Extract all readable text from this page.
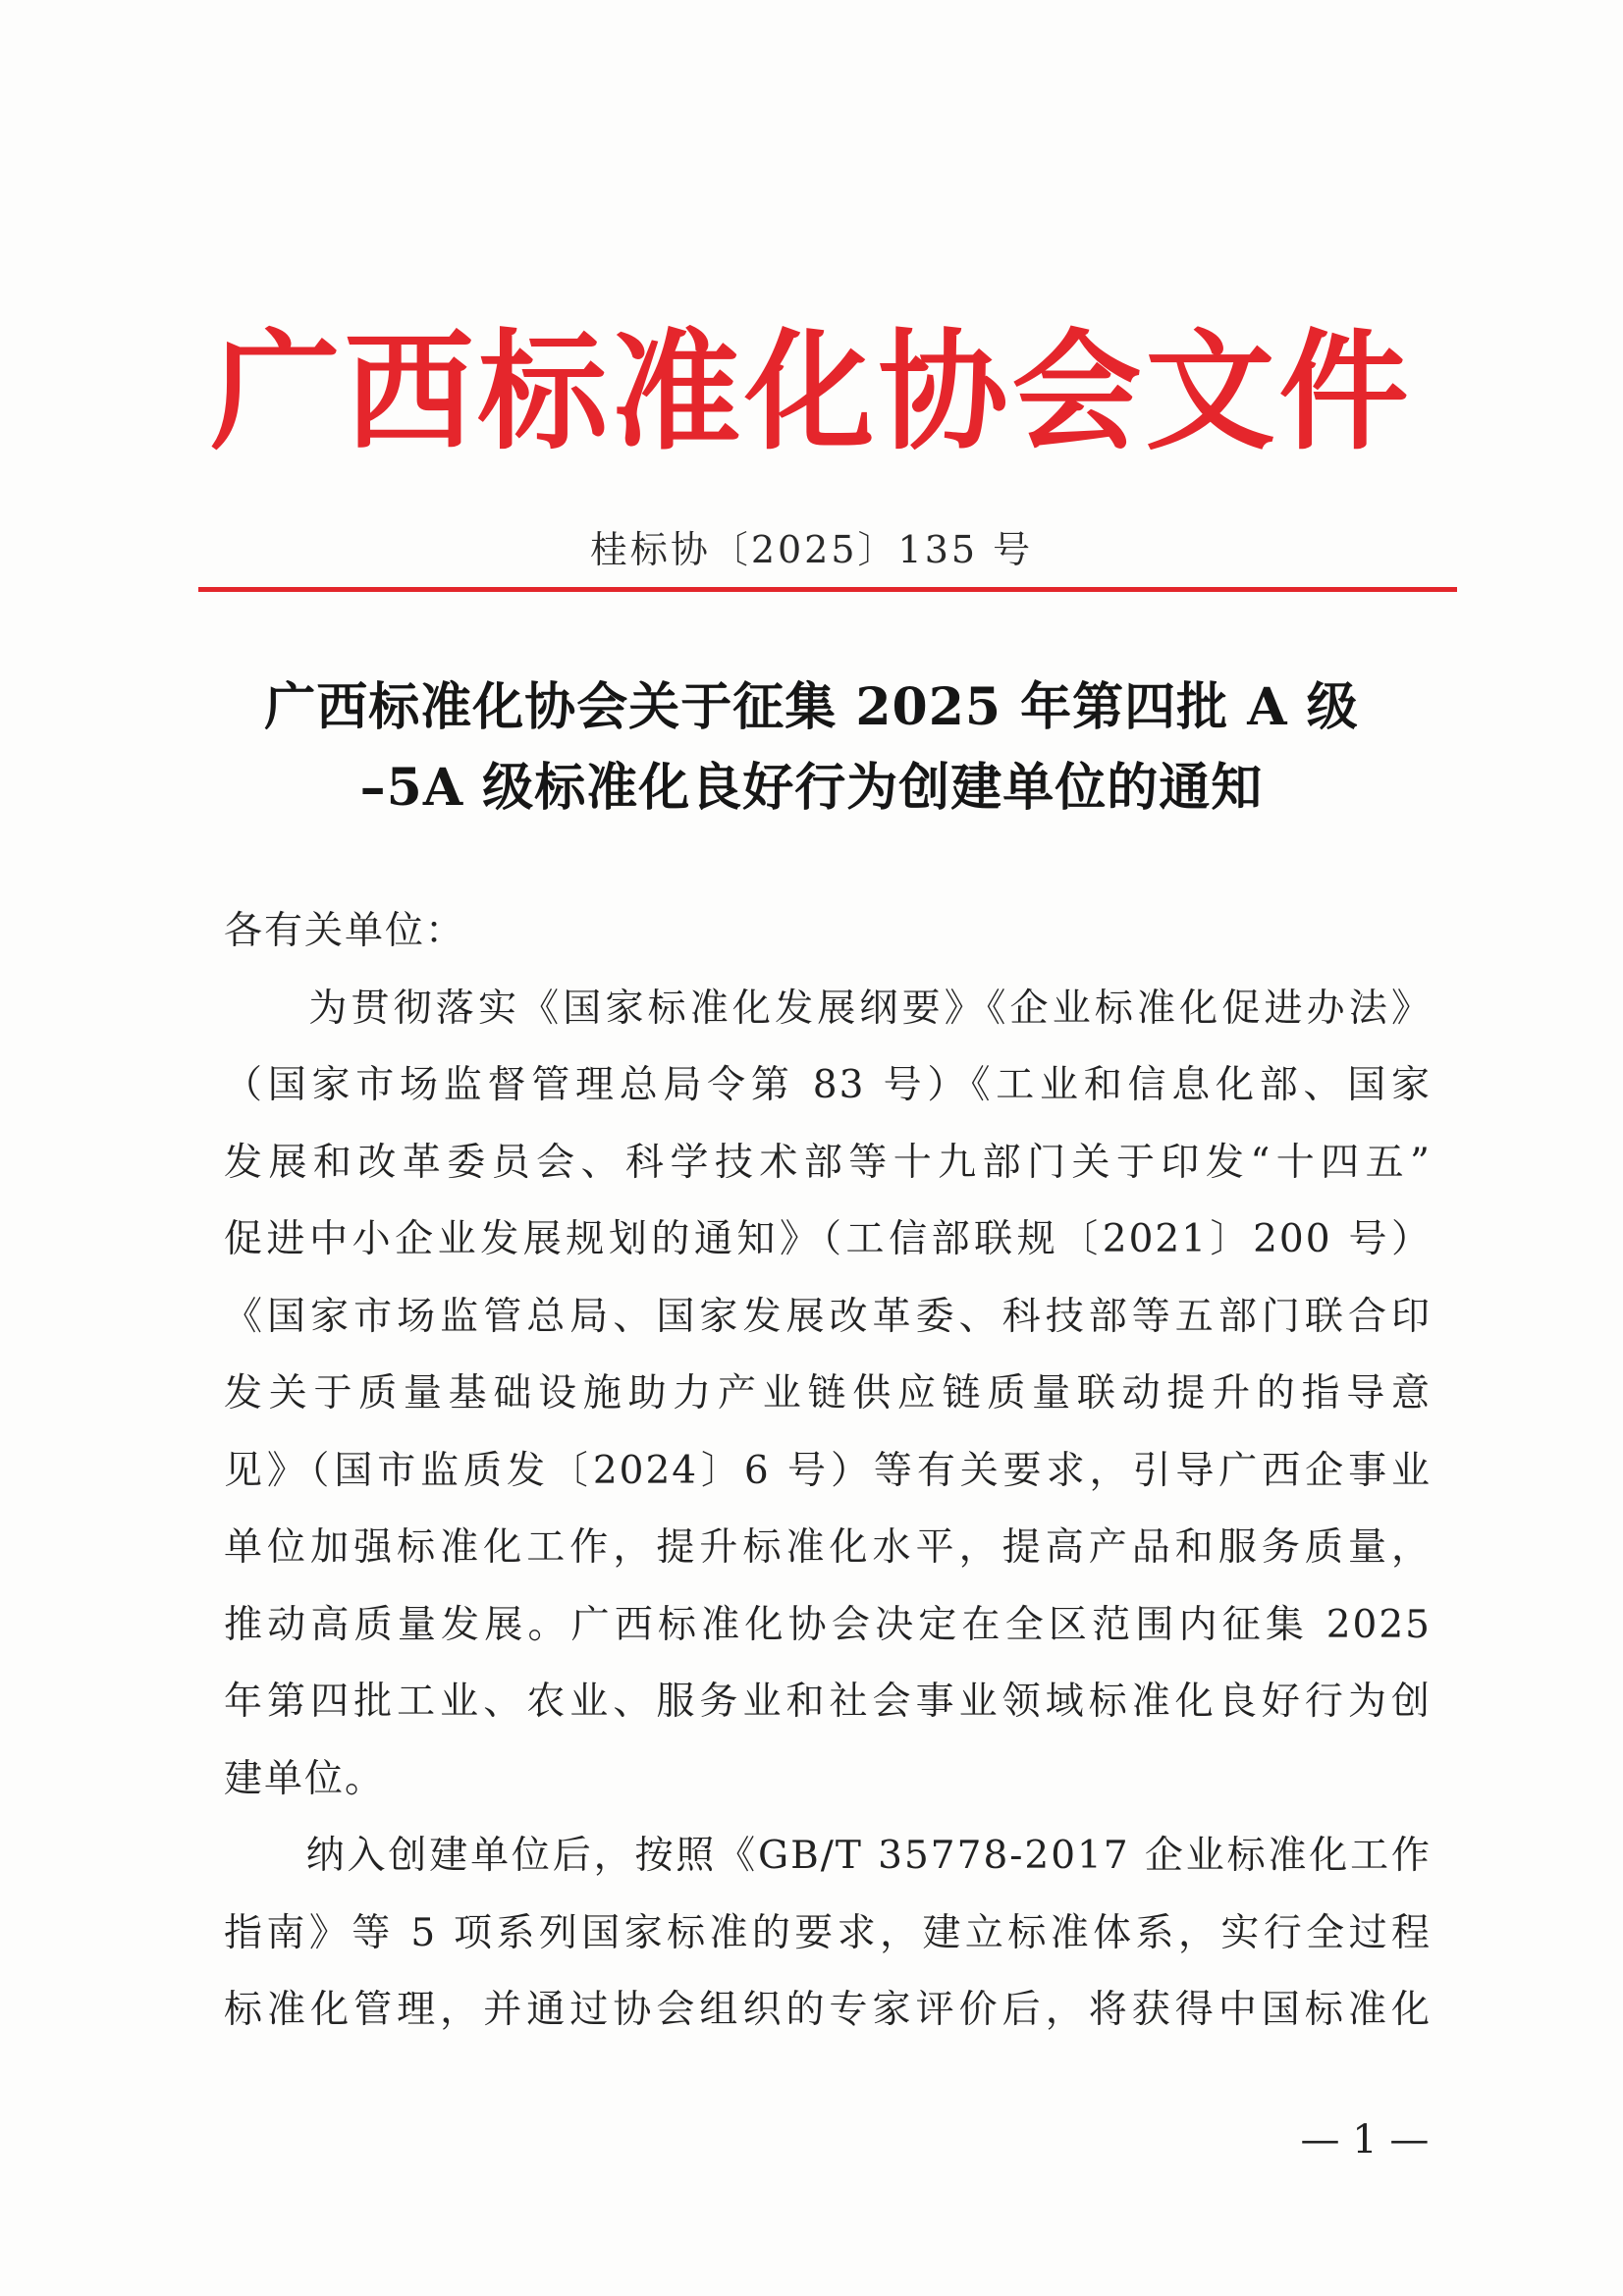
广西标准化协会文件
桂标协〔2025〕135 号
广西标准化协会关于征集 2025 年第四批 A 级
–5A 级标准化良好行为创建单位的通知
各有关单位：
　　为贯彻落实《国家标准化发展纲要》《企业标准化促进办法》
（国家市场监督管理总局令第 83 号）《工业和信息化部、国家
发展和改革委员会、科学技术部等十九部门关于印发“十四五”
促进中小企业发展规划的通知》（工信部联规〔2021〕200 号）
《国家市场监管总局、国家发展改革委、科技部等五部门联合印
发关于质量基础设施助力产业链供应链质量联动提升的指导意
见》（国市监质发〔2024〕6 号）等有关要求，引导广西企事业
单位加强标准化工作，提升标准化水平，提高产品和服务质量，
推动高质量发展。广西标准化协会决定在全区范围内征集 2025
年第四批工业、农业、服务业和社会事业领域标准化良好行为创
建单位。
　　纳入创建单位后，按照《GB/T 35778-2017 企业标准化工作
指南》等 5 项系列国家标准的要求，建立标准体系，实行全过程
标准化管理，并通过协会组织的专家评价后，将获得中国标准化
— 1 —
